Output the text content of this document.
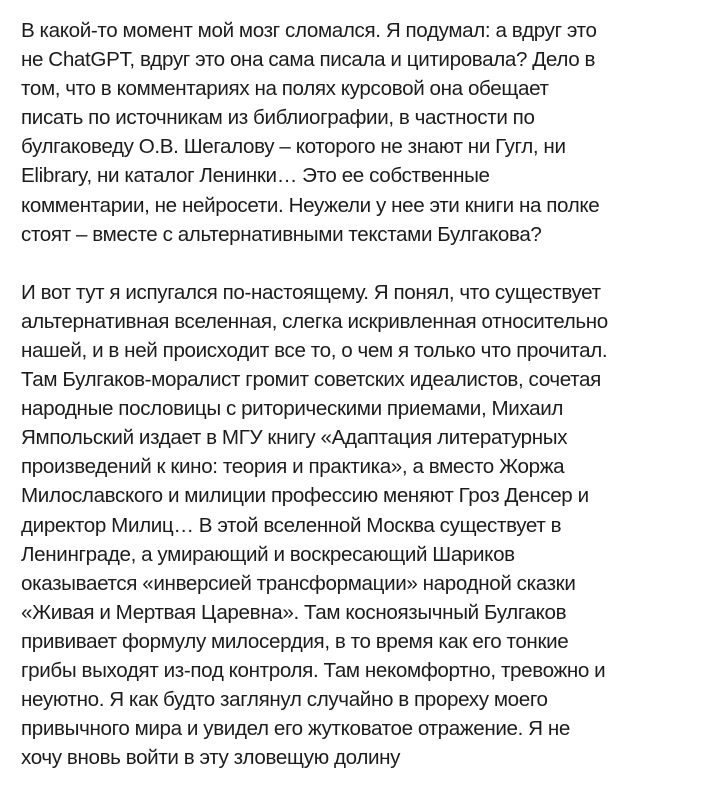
В какой-то момент мой мозг сломался. Я подумал: а вдруг это
не ChatGPT, вдруг это она сама писала и цитировала? Дело в
том, что в комментариях на полях курсовой она обещает
писать по источникам из библиографии, в частности по
булгаковеду О.В. Шегалову – которого не знают ни Гугл, ни
Elibrary, ни каталог Ленинки… Это ее собственные
комментарии, не нейросети. Неужели у нее эти книги на полке
стоят – вместе с альтернативными текстами Булгакова?

И вот тут я испугался по-настоящему. Я понял, что существует
альтернативная вселенная, слегка искривленная относительно
нашей, и в ней происходит все то, о чем я только что прочитал.
Там Булгаков-моралист громит советских идеалистов, сочетая
народные пословицы с риторическими приемами, Михаил
Ямпольский издает в МГУ книгу «Адаптация литературных
произведений к кино: теория и практика», а вместо Жоржа
Милославского и милиции профессию меняют Гроз Денсер и
директор Милиц… В этой вселенной Москва существует в
Ленинграде, а умирающий и воскресающий Шариков
оказывается «инверсией трансформации» народной сказки
«Живая и Мертвая Царевна». Там косноязычный Булгаков
прививает формулу милосердия, в то время как его тонкие
грибы выходят из-под контроля. Там некомфортно, тревожно и
неуютно. Я как будто заглянул случайно в прореху моего
привычного мира и увидел его жутковатое отражение. Я не
хочу вновь войти в эту зловещую долину
